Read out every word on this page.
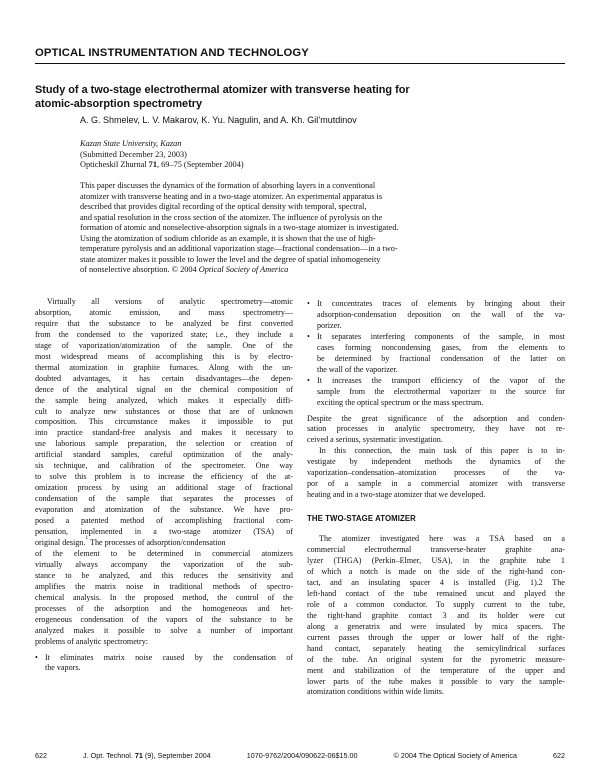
OPTICAL INSTRUMENTATION AND TECHNOLOGY
Study of a two-stage electrothermal atomizer with transverse heating for
atomic-absorption spectrometry
A. G. Shmelev, L. V. Makarov, K. Yu. Nagulin, and A. Kh. Gil’mutdinov
Kazan State University, Kazan
(Submitted December 23, 2003)
Opticheskiĭ Zhurnal 71, 69–75 (September 2004)
This paper discusses the dynamics of the formation of absorbing layers in a conventional
atomizer with transverse heating and in a two-stage atomizer. An experimental apparatus is
described that provides digital recording of the optical density with temporal, spectral,
and spatial resolution in the cross section of the atomizer. The influence of pyrolysis on the
formation of atomic and nonselective-absorption signals in a two-stage atomizer is investigated.
Using the atomization of sodium chloride as an example, it is shown that the use of high-
temperature pyrolysis and an additional vaporization stage—fractional condensation—in a two-
state atomizer makes it possible to lower the level and the degree of spatial inhomogeneity
of nonselective absorption. © 2004 Optical Society of America
Virtually all versions of analytic spectrometry—atomic
absorption, atomic emission, and mass spectrometry—
require that the substance to be analyzed be first converted
from the condensed to the vaporized state; i.e., they include a
stage of vaporization/atomization of the sample. One of the
most widespread means of accomplishing this is by electro-
thermal atomization in graphite furnaces. Along with the un-
doubted advantages, it has certain disadvantages—the depen-
dence of the analytical signal on the chemical composition of
the sample being analyzed, which makes it especially diffi-
cult to analyze new substances or those that are of unknown
composition. This circumstance makes it impossible to put
into practice standard-free analysis and makes it necessary to
use laborious sample preparation, the selection or creation of
artificial standard samples, careful optimization of the analy-
sis technique, and calibration of the spectrometer. One way
to solve this problem is to increase the efficiency of the at-
omization process by using an additional stage of fractional
condensation of the sample that separates the processes of
evaporation and atomization of the substance. We have pro-
posed a patented method of accomplishing fractional com-
pensation, implemented in a two-stage atomizer (TSA) of
original design. 1 The processes of adsorption/condensation
of the element to be determined in commercial atomizers
virtually always accompany the vaporization of the sub-
stance to be analyzed, and this reduces the sensitivity and
amplifies the matrix noise in traditional methods of spectro-
chemical analysis. In the proposed method, the control of the
processes of the adsorption and the homogeneous and het-
erogeneous condensation of the vapors of the substance to be
analyzed makes it possible to solve a number of important
problems of analytic spectrometry:
• It eliminates matrix noise caused by the condensation of
the vapors.
• It concentrates traces of elements by bringing about their
adsorption-condensation deposition on the wall of the va-
porizer.
• It separates interfering components of the sample, in most
cases forming noncondensing gases, from the elements to
be determined by fractional condensation of the latter on
the wall of the vaporizer.
• It increases the transport efficiency of the vapor of the
sample from the electrothermal vaporizer to the source for
exciting the optical spectrum or the mass spectrum.
Despite the great significance of the adsorption and conden-
sation processes in analytic spectrometry, they have not re-
ceived a serious, systematic investigation.
In this connection, the main task of this paper is to in-
vestigate by independent methods the dynamics of the
vaporization–condensation–atomization processes of the va-
por of a sample in a commercial atomizer with transverse
heating and in a two-stage atomizer that we developed.
THE TWO-STAGE ATOMIZER
The atomizer investigated here was a TSA based on a
commercial electrothermal transverse-heater graphite ana-
lyzer (THGA) (Perkin–Elmer, USA), in the graphite tube 1
of which a notch is made on the side of the right-hand con-
tact, and an insulating spacer 4 is installed (Fig. 1).2 The
left-hand contact of the tube remained uncut and played the
role of a common conductor. To supply current to the tube,
the right-hand graphite contact 3 and its holder were cut
along a generatrix and were insulated by mica spacers. The
current passes through the upper or lower half of the right-
hand contact, separately heating the semicylindrical surfaces
of the tube. An original system for the pyrometric measure-
ment and stabilization of the temperature of the upper and
lower parts of the tube makes it possible to vary the sample-
atomization conditions within wide limits.
622	J. Opt. Technol. 71 (9), September 2004	1070-9762/2004/090622-06$15.00	© 2004 The Optical Society of America	622
